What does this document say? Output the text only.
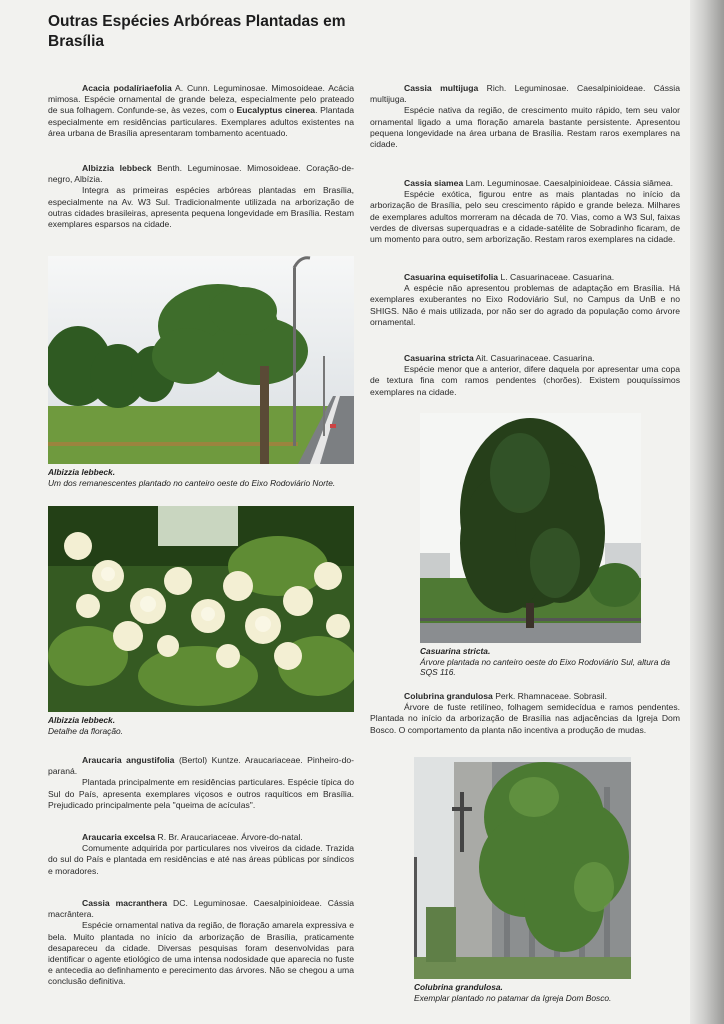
Outras Espécies Arbóreas Plantadas em Brasília

Acacia podalíriaefolia A. Cunn. Leguminosae. Mimosoideae. Acácia mimosa. Espécie ornamental de grande beleza, especialmente pelo prateado de sua folhagem. Confunde-se, às vezes, com o Eucalyptus cinerea. Plantada especialmente em residências particulares. Exemplares adultos existentes na área urbana de Brasília apresentaram tombamento acentuado.

Albizzia lebbeck Benth. Leguminosae. Mimosoideae. Coração-de-negro, Albízia.

Integra as primeiras espécies arbóreas plantadas em Brasília, especialmente na Av. W3 Sul. Tradicionalmente utilizada na arborização de outras cidades brasileiras, apresenta pequena longevidade em Brasília. Restam exemplares esparsos na cidade.

Albizzia lebbeck.
Um dos remanescentes plantado no canteiro oeste do Eixo Rodoviário Norte.
Albizzia lebbeck.
Detalhe da floração.

Araucaria angustifolia (Bertol) Kuntze. Araucariaceae. Pinheiro-do-paraná.

Plantada principalmente em residências particulares. Espécie típica do Sul do País, apresenta exemplares viçosos e outros raquíticos em Brasília. Prejudicado principalmente pela "queima de acículas".

Araucaria excelsa R. Br. Araucariaceae. Árvore-do-natal.

Comumente adquirida por particulares nos viveiros da cidade. Trazida do sul do País e plantada em residências e até nas áreas públicas por síndicos e moradores.

Cassia macranthera DC. Leguminosae. Caesalpinioideae. Cássia macrântera.

Espécie ornamental nativa da região, de floração amarela expressiva e bela. Muito plantada no início da arborização de Brasília, praticamente desapareceu da cidade. Diversas pesquisas foram desenvolvidas para identificar o agente etiológico de uma intensa nodosidade que aparecia no fuste e antecedia ao definhamento e perecimento das árvores. Não se chegou a uma conclusão definitiva.

Cassia multijuga Rich. Leguminosae. Caesalpinioideae. Cássia multijuga.

Espécie nativa da região, de crescimento muito rápido, tem seu valor ornamental ligado a uma floração amarela bastante persistente. Apresentou pequena longevidade na área urbana de Brasília. Restam raros exemplares na cidade.

Cassia siamea Lam. Leguminosae. Caesalpinioideae. Cássia siâmea.

Espécie exótica, figurou entre as mais plantadas no início da arborização de Brasília, pelo seu crescimento rápido e grande beleza. Milhares de exemplares adultos morreram na década de 70. Vias, como a W3 Sul, faixas verdes de diversas superquadras e a cidade-satélite de Sobradinho ficaram, de um momento para outro, sem arborização. Restam raros exemplares na cidade.

Casuarina equisetifolia L. Casuarinaceae. Casuarina.

A espécie não apresentou problemas de adaptação em Brasília. Há exemplares exuberantes no Eixo Rodoviário Sul, no Campus da UnB e no SHIGS. Não é mais utilizada, por não ser do agrado da população como árvore ornamental.

Casuarina stricta Ait. Casuarinaceae. Casuarina.

Espécie menor que a anterior, difere daquela por apresentar uma copa de textura fina com ramos pendentes (chorões). Existem pouquíssimos exemplares na cidade.

Casuarina stricta.
Árvore plantada no canteiro oeste do Eixo Rodoviário Sul, altura da SQS 116.

Colubrina grandulosa Perk. Rhamnaceae. Sobrasil.

Árvore de fuste retilíneo, folhagem semidecídua e ramos pendentes. Plantada no início da arborização de Brasília nas adjacências da Igreja Dom Bosco. O comportamento da planta não incentiva a produção de mudas.

Colubrina grandulosa.
Exemplar plantado no patamar da Igreja Dom Bosco.
